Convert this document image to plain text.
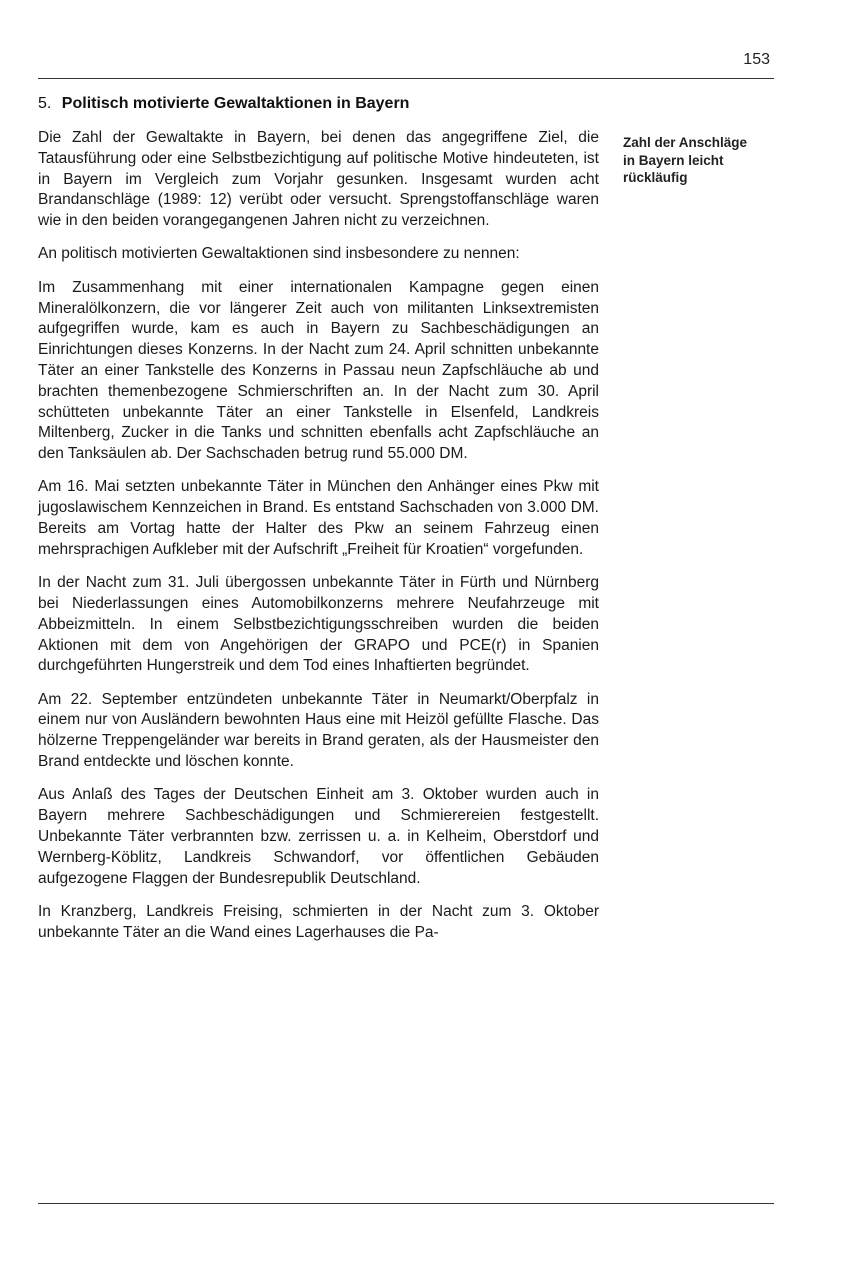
153
5. Politisch motivierte Gewaltaktionen in Bayern

Die Zahl der Gewaltakte in Bayern, bei denen das angegriffene Ziel, die Tatausführung oder eine Selbstbezichtigung auf politische Motive hindeuteten, ist in Bayern im Vergleich zum Vorjahr gesunken. Insgesamt wurden acht Brandanschläge (1989: 12) verübt oder versucht. Sprengstoffanschläge waren wie in den beiden vorangegangenen Jahren nicht zu verzeichnen.

An politisch motivierten Gewaltaktionen sind insbesondere zu nennen:

Im Zusammenhang mit einer internationalen Kampagne gegen einen Mineralölkonzern, die vor längerer Zeit auch von militanten Linksextremisten aufgegriffen wurde, kam es auch in Bayern zu Sachbeschädigungen an Einrichtungen dieses Konzerns. In der Nacht zum 24. April schnitten unbekannte Täter an einer Tankstelle des Konzerns in Passau neun Zapfschläuche ab und brachten themenbezogene Schmierschriften an. In der Nacht zum 30. April schütteten unbekannte Täter an einer Tankstelle in Elsenfeld, Landkreis Miltenberg, Zucker in die Tanks und schnitten ebenfalls acht Zapfschläuche an den Tanksäulen ab. Der Sachschaden betrug rund 55.000 DM.

Am 16. Mai setzten unbekannte Täter in München den Anhänger eines Pkw mit jugoslawischem Kennzeichen in Brand. Es entstand Sachschaden von 3.000 DM. Bereits am Vortag hatte der Halter des Pkw an seinem Fahrzeug einen mehrsprachigen Aufkleber mit der Aufschrift „Freiheit für Kroatien“ vorgefunden.

In der Nacht zum 31. Juli übergossen unbekannte Täter in Fürth und Nürnberg bei Niederlassungen eines Automobilkonzerns mehrere Neufahrzeuge mit Abbeizmitteln. In einem Selbstbezichtigungsschreiben wurden die beiden Aktionen mit dem von Angehörigen der GRAPO und PCE(r) in Spanien durchgeführten Hungerstreik und dem Tod eines Inhaftierten begründet.

Am 22. September entzündeten unbekannte Täter in Neumarkt/Oberpfalz in einem nur von Ausländern bewohnten Haus eine mit Heizöl gefüllte Flasche. Das hölzerne Treppengeländer war bereits in Brand geraten, als der Hausmeister den Brand entdeckte und löschen konnte.

Aus Anlaß des Tages der Deutschen Einheit am 3. Oktober wurden auch in Bayern mehrere Sachbeschädigungen und Schmierereien festgestellt. Unbekannte Täter verbrannten bzw. zerrissen u. a. in Kelheim, Oberstdorf und Wernberg-Köblitz, Landkreis Schwandorf, vor öffentlichen Gebäuden aufgezogene Flaggen der Bundesrepublik Deutschland.

In Kranzberg, Landkreis Freising, schmierten in der Nacht zum 3. Oktober unbekannte Täter an die Wand eines Lagerhauses die Pa-

Zahl der Anschläge
in Bayern leicht
rückläufig
